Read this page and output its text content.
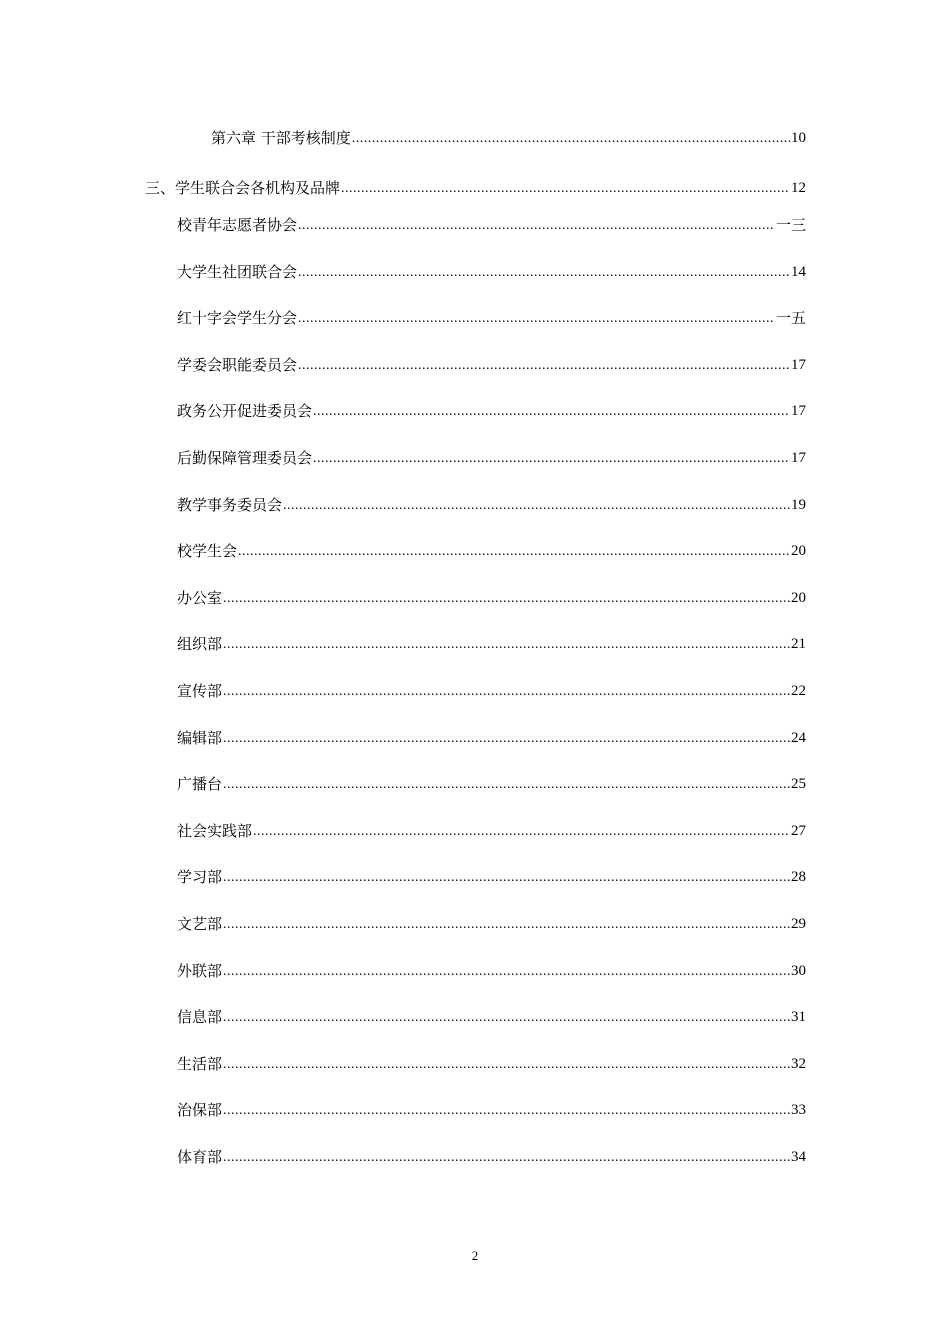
第六章 干部考核制度 .....	10
三、学生联合会各机构及品牌 .....	12
校青年志愿者协会 .....	一三
大学生社团联合会 .....	14
红十字会学生分会 .....	一五
学委会职能委员会 .....	17
政务公开促进委员会 .....	17
后勤保障管理委员会 .....	17
教学事务委员会 .....	19
校学生会 .....	20
办公室 .....	20
组织部 .....	21
宣传部 .....	22
编辑部 .....	24
广播台 .....	25
社会实践部 .....	27
学习部 .....	28
文艺部 .....	29
外联部 .....	30
信息部 .....	31
生活部 .....	32
治保部 .....	33
体育部 .....	34
2
